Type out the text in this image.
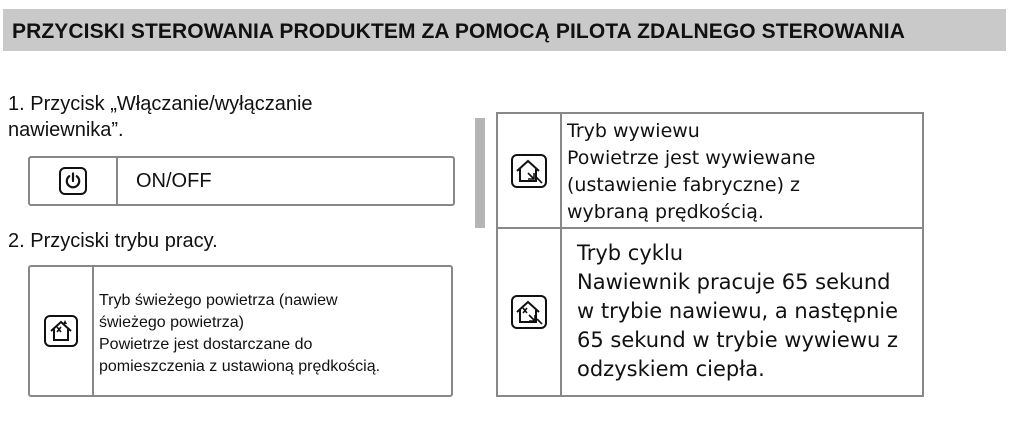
PRZYCISKI STEROWANIA PRODUKTEM ZA POMOCĄ PILOTA ZDALNEGO STEROWANIA
1. Przycisk „Włączanie/wyłączanie
nawiewnika”.
ON/OFF
2. Przyciski trybu pracy.
Tryb świeżego powietrza (nawiew
świeżego powietrza)
Powietrze jest dostarczane do
pomieszczenia z ustawioną prędkością.
Tryb wywiewu
Powietrze jest wywiewane
(ustawienie fabryczne) z
wybraną prędkością.
Tryb cyklu
Nawiewnik pracuje 65 sekund
w trybie nawiewu, a następnie
65 sekund w trybie wywiewu z
odzyskiem ciepła.
